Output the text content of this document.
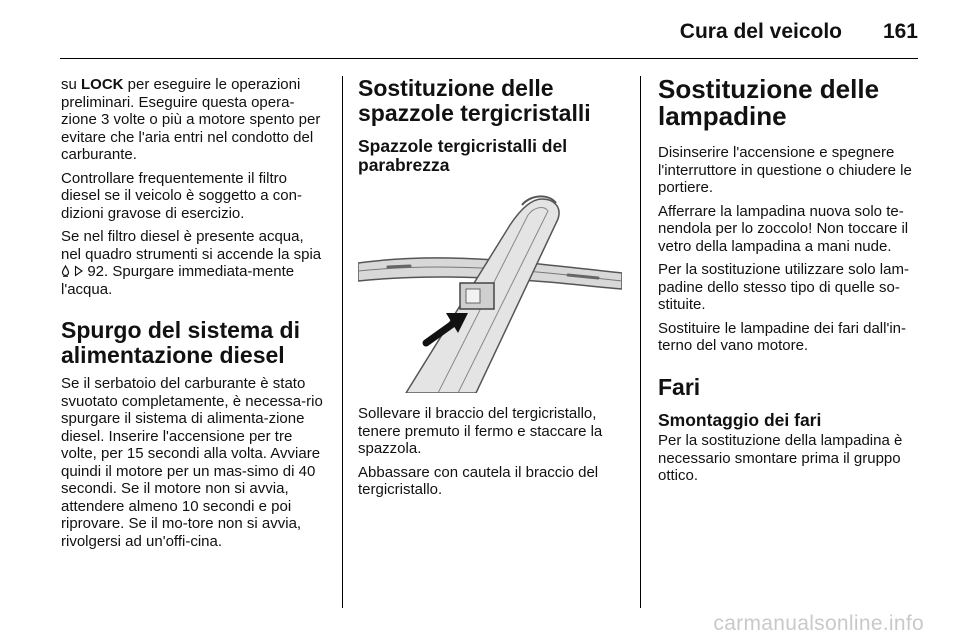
Cura del veicolo 161

su LOCK per eseguire le operazioni preliminari. Eseguire questa opera-zione 3 volte o più a motore spento per evitare che l'aria entri nel condotto del carburante.

Controllare frequentemente il filtro diesel se il veicolo è soggetto a con-dizioni gravose di esercizio.

Se nel filtro diesel è presente acqua, nel quadro strumenti si accende la spia   92. Spurgare immediata-mente l'acqua.

Spurgo del sistema di alimentazione diesel

Se il serbatoio del carburante è stato svuotato completamente, è necessa-rio spurgare il sistema di alimenta-zione diesel. Inserire l'accensione per tre volte, per 15 secondi alla volta. Avviare quindi il motore per un mas-simo di 40 secondi. Se il motore non si avvia, attendere almeno 10 secondi e poi riprovare. Se il mo-tore non si avvia, rivolgersi ad un'offi-cina.

Sostituzione delle spazzole tergicristalli
Spazzole tergicristalli del parabrezza

Sollevare il braccio del tergicristallo, tenere premuto il fermo e staccare la spazzola.

Abbassare con cautela il braccio del tergicristallo.

Sostituzione delle lampadine

Disinserire l'accensione e spegnere l'interruttore in questione o chiudere le portiere.

Afferrare la lampadina nuova solo te-nendola per lo zoccolo! Non toccare il vetro della lampadina a mani nude.

Per la sostituzione utilizzare solo lam-padine dello stesso tipo di quelle so-stituite.

Sostituire le lampadine dei fari dall'in-terno del vano motore.

Fari
Smontaggio dei fari

Per la sostituzione della lampadina è necessario smontare prima il gruppo ottico.

carmanualsonline.info
